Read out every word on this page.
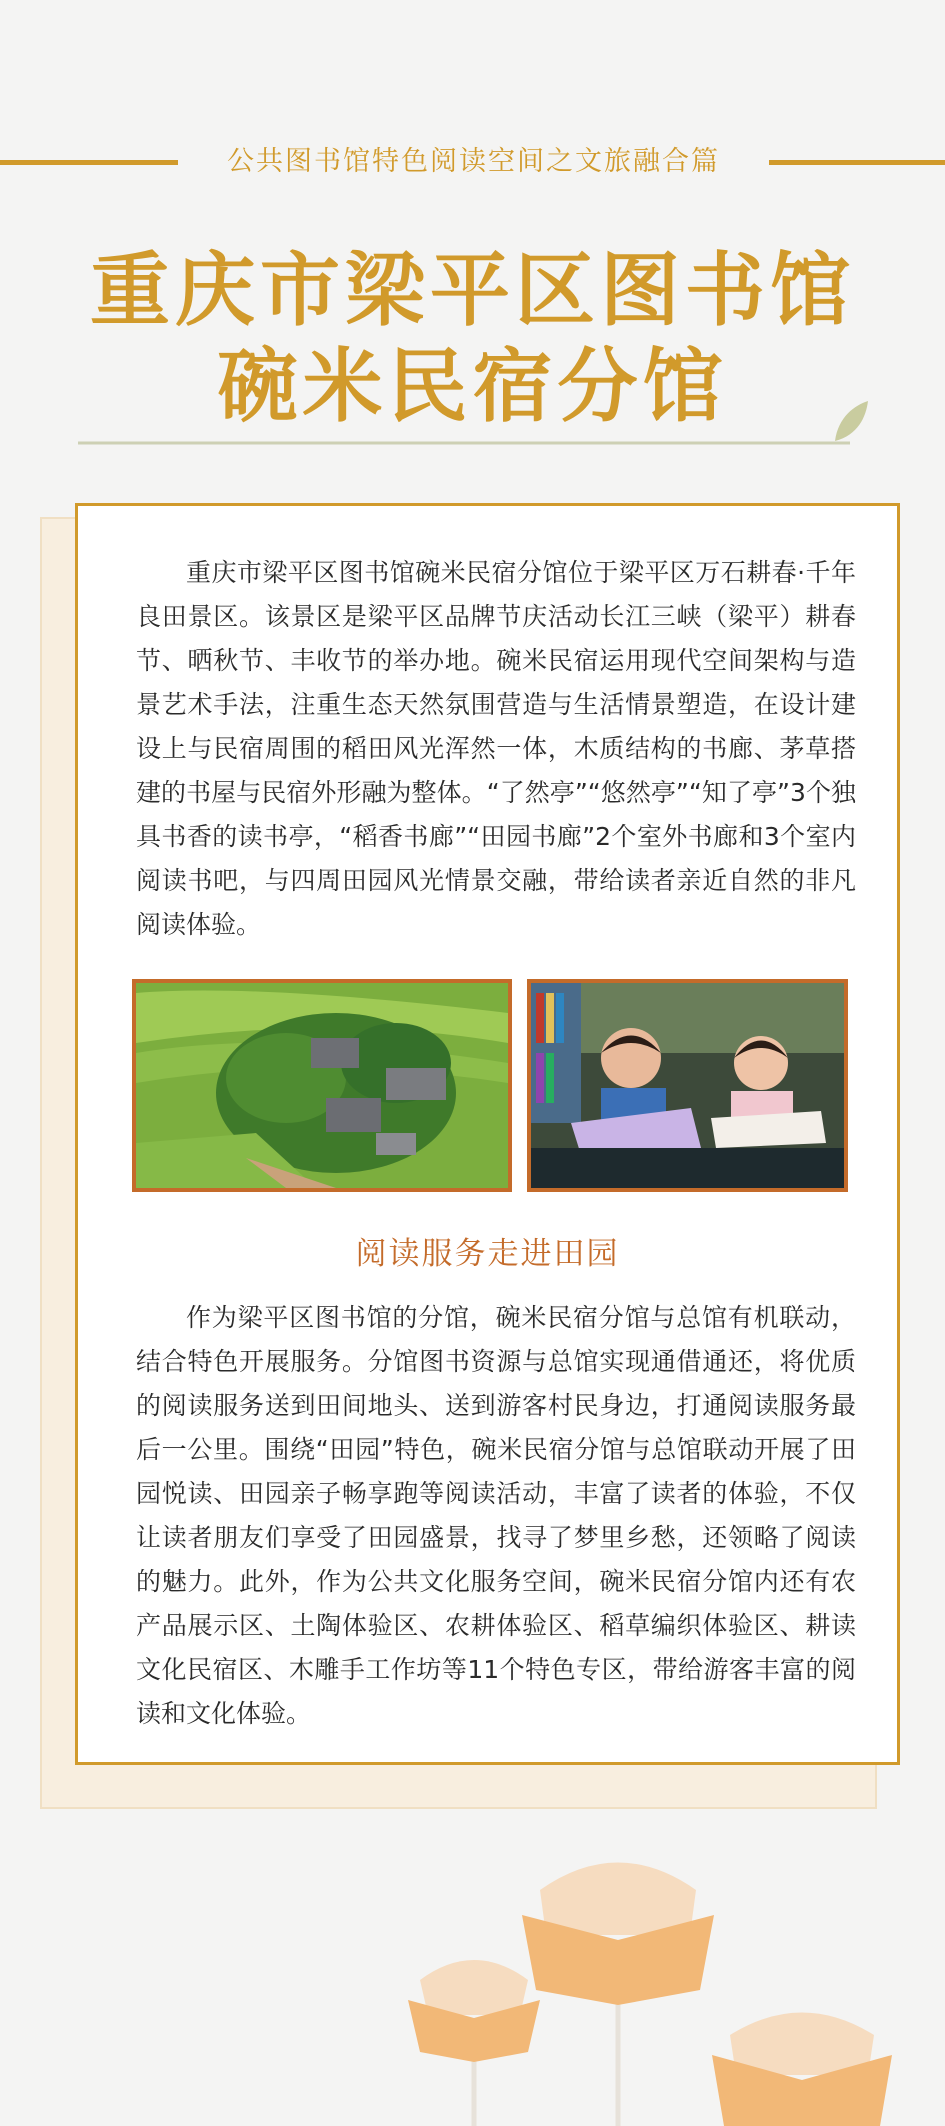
公共图书馆特色阅读空间之文旅融合篇
重庆市梁平区图书馆
碗米民宿分馆

重庆市梁平区图书馆碗米民宿分馆位于梁平区万石耕春·千年良田景区。该景区是梁平区品牌节庆活动长江三峡（梁平）耕春节、晒秋节、丰收节的举办地。碗米民宿运用现代空间架构与造景艺术手法，注重生态天然氛围营造与生活情景塑造，在设计建设上与民宿周围的稻田风光浑然一体，木质结构的书廊、茅草搭建的书屋与民宿外形融为整体。“了然亭”“悠然亭”“知了亭”3个独具书香的读书亭，“稻香书廊”“田园书廊”2个室外书廊和3个室内阅读书吧，与四周田园风光情景交融，带给读者亲近自然的非凡阅读体验。

阅读服务走进田园

作为梁平区图书馆的分馆，碗米民宿分馆与总馆有机联动，结合特色开展服务。分馆图书资源与总馆实现通借通还，将优质的阅读服务送到田间地头、送到游客村民身边，打通阅读服务最后一公里。围绕“田园”特色，碗米民宿分馆与总馆联动开展了田园悦读、田园亲子畅享跑等阅读活动，丰富了读者的体验，不仅让读者朋友们享受了田园盛景，找寻了梦里乡愁，还领略了阅读的魅力。此外，作为公共文化服务空间，碗米民宿分馆内还有农产品展示区、土陶体验区、农耕体验区、稻草编织体验区、耕读文化民宿区、木雕手工作坊等11个特色专区，带给游客丰富的阅读和文化体验。
